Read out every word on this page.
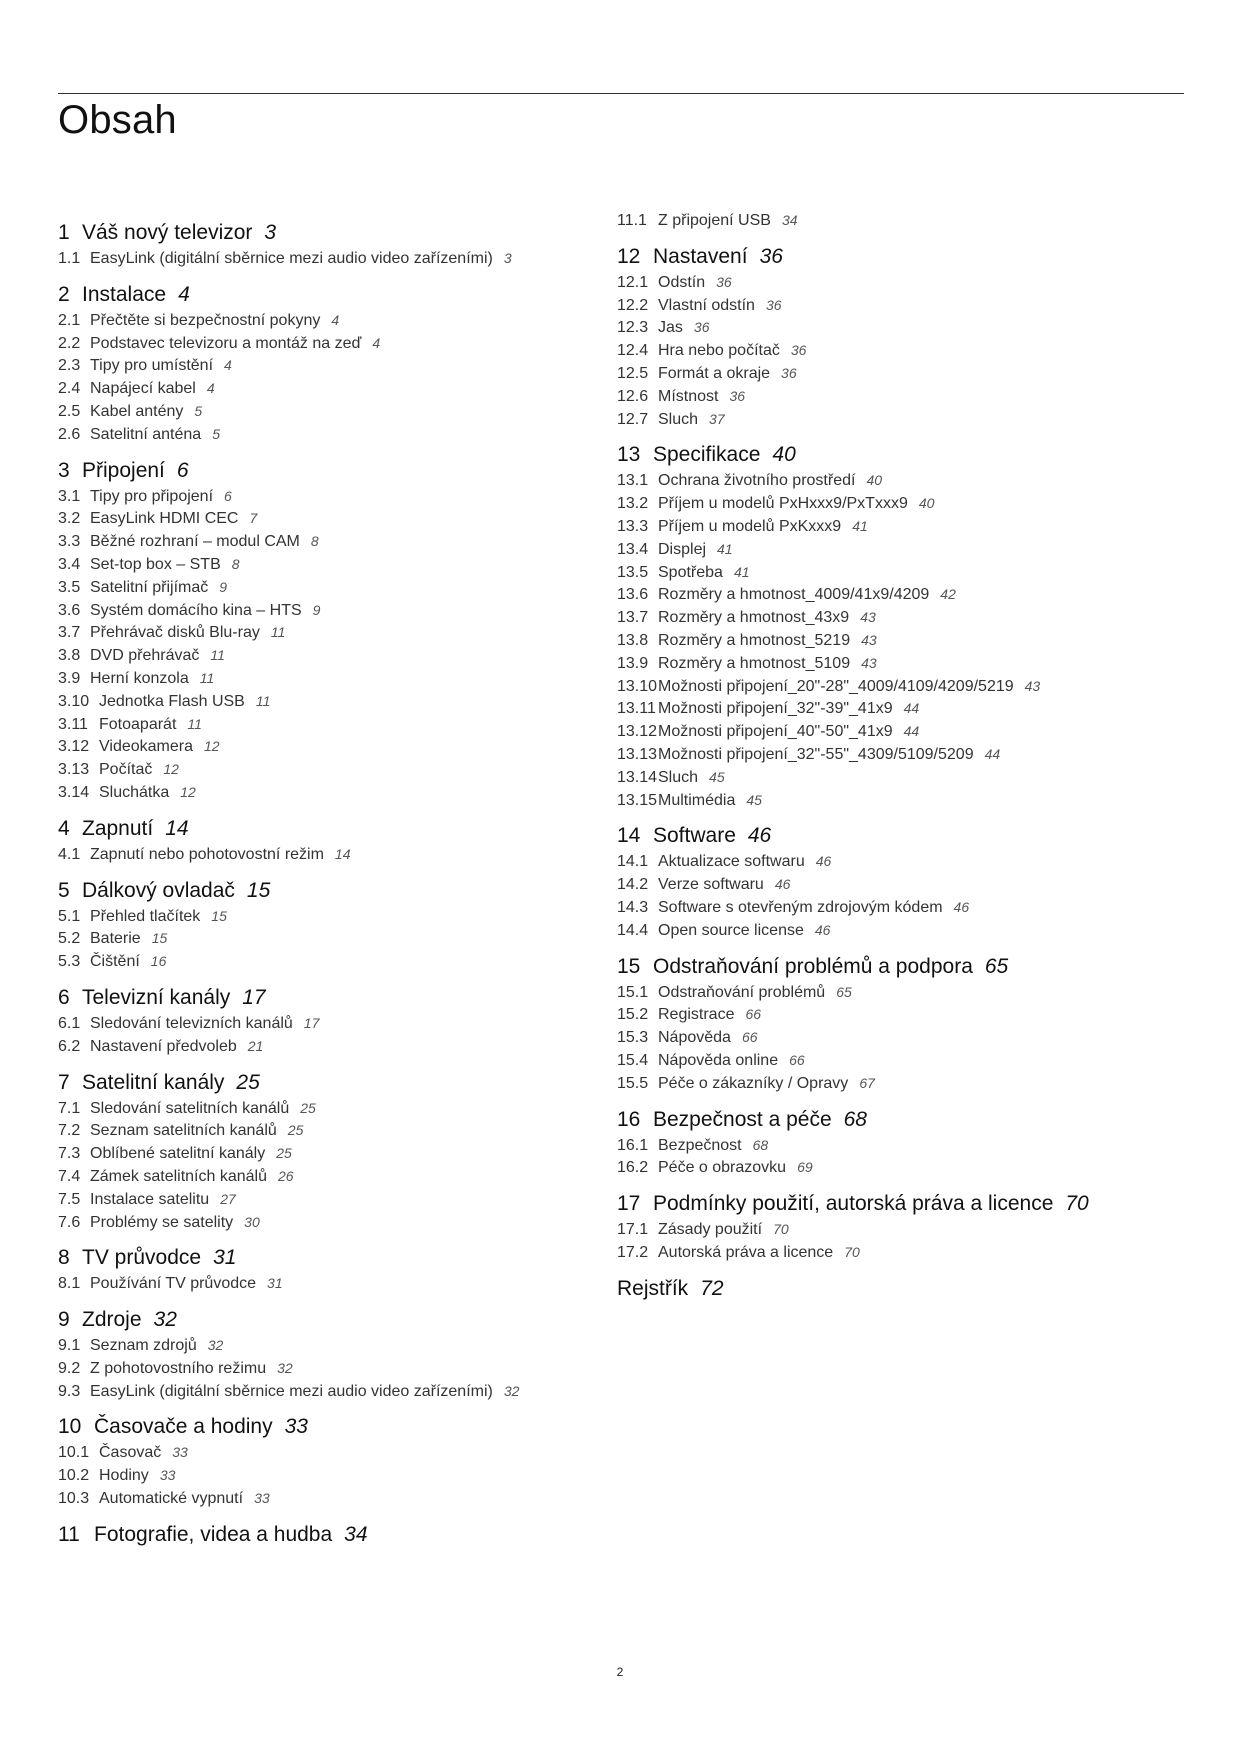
Obsah
1 Váš nový televizor 3
1.1 EasyLink (digitální sběrnice mezi audio video zařízeními) 3
2 Instalace 4
2.1 Přečtěte si bezpečnostní pokyny 4
2.2 Podstavec televizoru a montáž na zeď 4
2.3 Tipy pro umístění 4
2.4 Napájecí kabel 4
2.5 Kabel antény 5
2.6 Satelitní anténa 5
3 Připojení 6
3.1 Tipy pro připojení 6
3.2 EasyLink HDMI CEC 7
3.3 Běžné rozhraní – modul CAM 8
3.4 Set-top box – STB 8
3.5 Satelitní přijímač 9
3.6 Systém domácího kina – HTS 9
3.7 Přehrávač disků Blu-ray 11
3.8 DVD přehrávač 11
3.9 Herní konzola 11
3.10 Jednotka Flash USB 11
3.11 Fotoaparát 11
3.12 Videokamera 12
3.13 Počítač 12
3.14 Sluchátka 12
4 Zapnutí 14
4.1 Zapnutí nebo pohotovostní režim 14
5 Dálkový ovladač 15
5.1 Přehled tlačítek 15
5.2 Baterie 15
5.3 Čištění 16
6 Televizní kanály 17
6.1 Sledování televizních kanálů 17
6.2 Nastavení předvoleb 21
7 Satelitní kanály 25
7.1 Sledování satelitních kanálů 25
7.2 Seznam satelitních kanálů 25
7.3 Oblíbené satelitní kanály 25
7.4 Zámek satelitních kanálů 26
7.5 Instalace satelitu 27
7.6 Problémy se satelity 30
8 TV průvodce 31
8.1 Používání TV průvodce 31
9 Zdroje 32
9.1 Seznam zdrojů 32
9.2 Z pohotovostního režimu 32
9.3 EasyLink (digitální sběrnice mezi audio video zařízeními) 32
10 Časovače a hodiny 33
10.1 Časovač 33
10.2 Hodiny 33
10.3 Automatické vypnutí 33
11 Fotografie, videa a hudba 34
11.1 Z připojení USB 34
12 Nastavení 36
12.1 Odstín 36
12.2 Vlastní odstín 36
12.3 Jas 36
12.4 Hra nebo počítač 36
12.5 Formát a okraje 36
12.6 Místnost 36
12.7 Sluch 37
13 Specifikace 40
13.1 Ochrana životního prostředí 40
13.2 Příjem u modelů PxHxxx9/PxTxxx9 40
13.3 Příjem u modelů PxKxxx9 41
13.4 Displej 41
13.5 Spotřeba 41
13.6 Rozměry a hmotnost_4009/41x9/4209 42
13.7 Rozměry a hmotnost_43x9 43
13.8 Rozměry a hmotnost_5219 43
13.9 Rozměry a hmotnost_5109 43
13.10Možnosti připojení_20"-28"_4009/4109/4209/5219 43
13.11 Možnosti připojení_32"-39"_41x9 44
13.12Možnosti připojení_40"-50"_41x9 44
13.13Možnosti připojení_32"-55"_4309/5109/5209 44
13.14Sluch 45
13.15Multimédia 45
14 Software 46
14.1 Aktualizace softwaru 46
14.2 Verze softwaru 46
14.3 Software s otevřeným zdrojovým kódem 46
14.4 Open source license 46
15 Odstraňování problémů a podpora 65
15.1 Odstraňování problémů 65
15.2 Registrace 66
15.3 Nápověda 66
15.4 Nápověda online 66
15.5 Péče o zákazníky / Opravy 67
16 Bezpečnost a péče 68
16.1 Bezpečnost 68
16.2 Péče o obrazovku 69
17 Podmínky použití, autorská práva a licence 70
17.1 Zásady použití 70
17.2 Autorská práva a licence 70
Rejstřík 72
2
